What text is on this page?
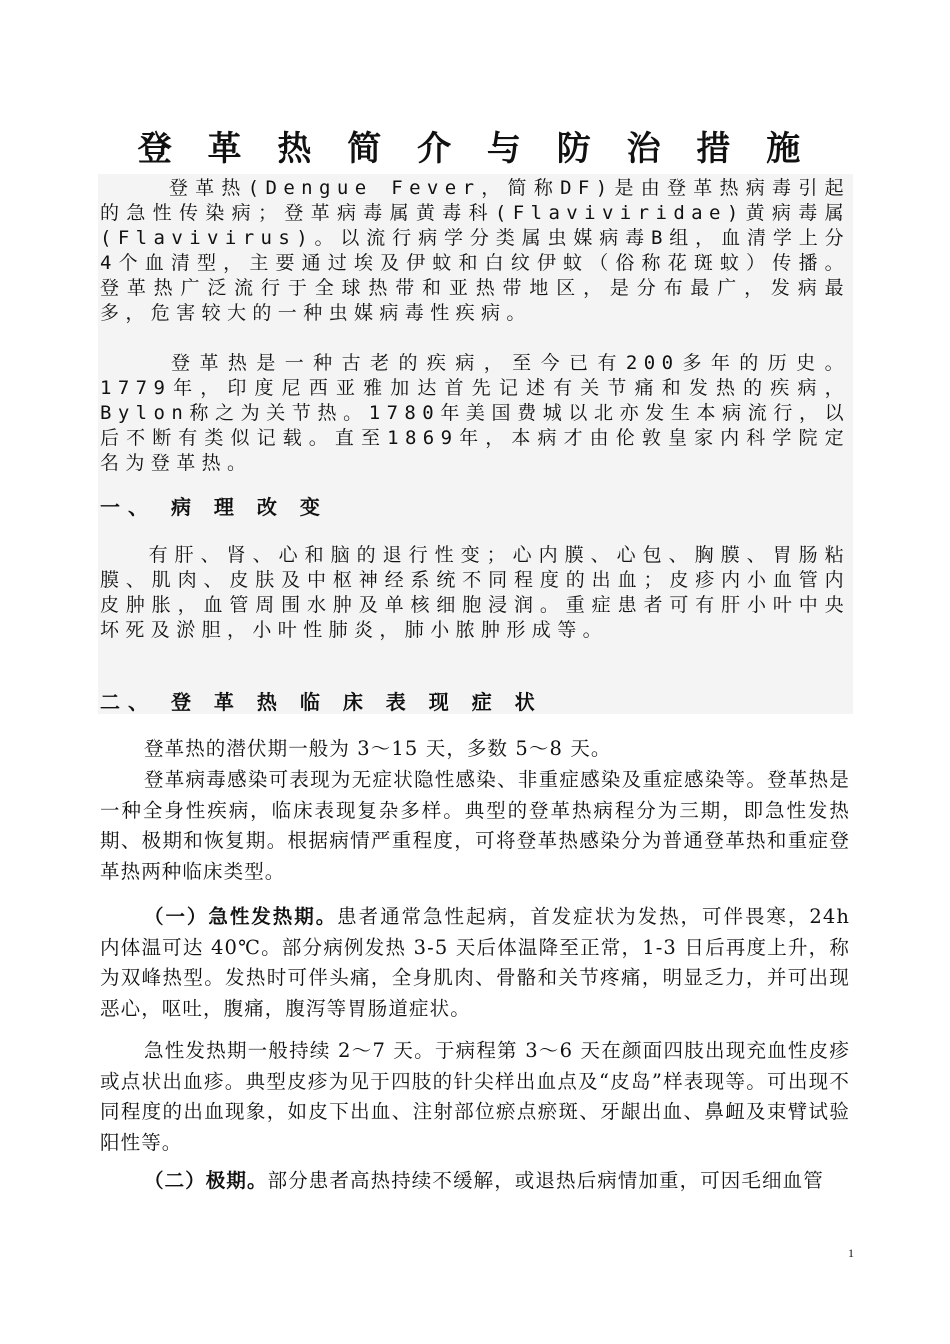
登 革 热 简 介 与 防 治 措 施

登革热(Dengue Fever，简称DF)是由登革热病毒引起的急性传染病；登革病毒属黄毒科(Flaviviridae)黄病毒属(Flavivirus)。以流行病学分类属虫媒病毒B组，血清学上分4个血清型，主要通过埃及伊蚊和白纹伊蚊（俗称花斑蚊）传播。登革热广泛流行于全球热带和亚热带地区，是分布最广，发病最多，危害较大的一种虫媒病毒性疾病。

登革热是一种古老的疾病，至今已有200多年的历史。1779年，印度尼西亚雅加达首先记述有关节痛和发热的疾病，Bylon称之为关节热。1780年美国费城以北亦发生本病流行，以后不断有类似记载。直至1869年，本病才由伦敦皇家内科学院定名为登革热。

一、 病 理 改 变

有肝、肾、心和脑的退行性变；心内膜、心包、胸膜、胃肠粘膜、肌肉、皮肤及中枢神经系统不同程度的出血；皮疹内小血管内皮肿胀，血管周围水肿及单核细胞浸润。重症患者可有肝小叶中央坏死及淤胆，小叶性肺炎，肺小脓肿形成等。

二、 登 革 热 临 床 表 现 症 状

登革热的潜伏期一般为 3～15 天，多数 5～8 天。

登革病毒感染可表现为无症状隐性感染、非重症感染及重症感染等。登革热是一种全身性疾病，临床表现复杂多样。典型的登革热病程分为三期，即急性发热期、极期和恢复期。根据病情严重程度，可将登革热感染分为普通登革热和重症登革热两种临床类型。

（一）急性发热期。患者通常急性起病，首发症状为发热，可伴畏寒，24h 内体温可达 40℃。部分病例发热 3-5 天后体温降至正常，1-3 日后再度上升，称为双峰热型。发热时可伴头痛，全身肌肉、骨骼和关节疼痛，明显乏力，并可出现恶心，呕吐，腹痛，腹泻等胃肠道症状。

急性发热期一般持续 2～7 天。于病程第 3～6 天在颜面四肢出现充血性皮疹或点状出血疹。典型皮疹为见于四肢的针尖样出血点及“皮岛”样表现等。可出现不同程度的出血现象，如皮下出血、注射部位瘀点瘀斑、牙龈出血、鼻衄及束臂试验阳性等。

（二）极期。部分患者高热持续不缓解，或退热后病情加重，可因毛细血管

1
